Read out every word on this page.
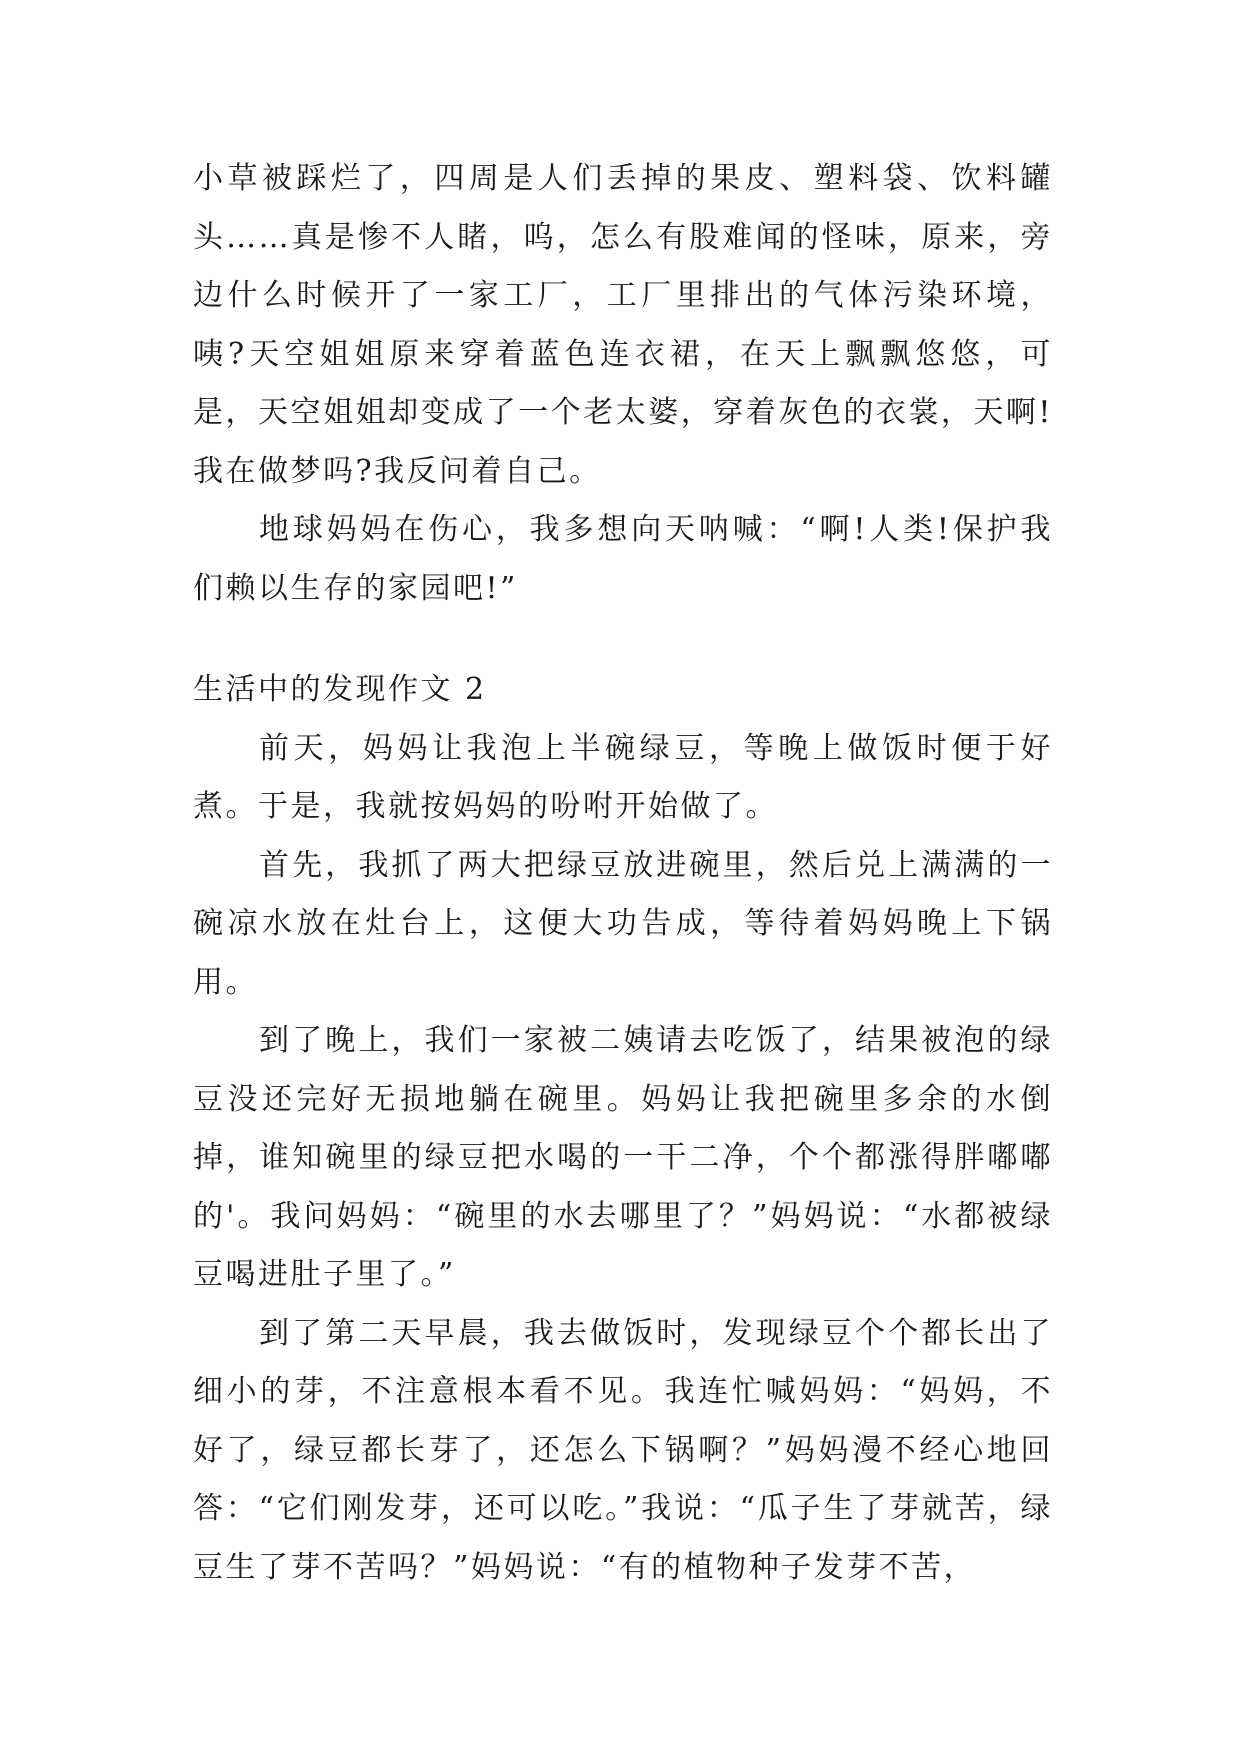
小草被踩烂了，四周是人们丢掉的果皮、塑料袋、饮料罐头……真是惨不人睹，呜，怎么有股难闻的怪味，原来，旁边什么时候开了一家工厂，工厂里排出的气体污染环境，咦?天空姐姐原来穿着蓝色连衣裙，在天上飘飘悠悠，可是，天空姐姐却变成了一个老太婆，穿着灰色的衣裳，天啊!我在做梦吗?我反问着自己。

地球妈妈在伤心，我多想向天呐喊：“啊!人类!保护我们赖以生存的家园吧!”

生活中的发现作文 2

前天，妈妈让我泡上半碗绿豆，等晚上做饭时便于好煮。于是，我就按妈妈的吩咐开始做了。

首先，我抓了两大把绿豆放进碗里，然后兑上满满的一碗凉水放在灶台上，这便大功告成，等待着妈妈晚上下锅用。

到了晚上，我们一家被二姨请去吃饭了，结果被泡的绿豆没还完好无损地躺在碗里。妈妈让我把碗里多余的水倒掉，谁知碗里的绿豆把水喝的一干二净，个个都涨得胖嘟嘟的'。我问妈妈：“碗里的水去哪里了？”妈妈说：“水都被绿豆喝进肚子里了。”

到了第二天早晨，我去做饭时，发现绿豆个个都长出了细小的芽，不注意根本看不见。我连忙喊妈妈：“妈妈，不好了，绿豆都长芽了，还怎么下锅啊？”妈妈漫不经心地回答：“它们刚发芽，还可以吃。”我说：“瓜子生了芽就苦，绿豆生了芽不苦吗？”妈妈说：“有的植物种子发芽不苦，
